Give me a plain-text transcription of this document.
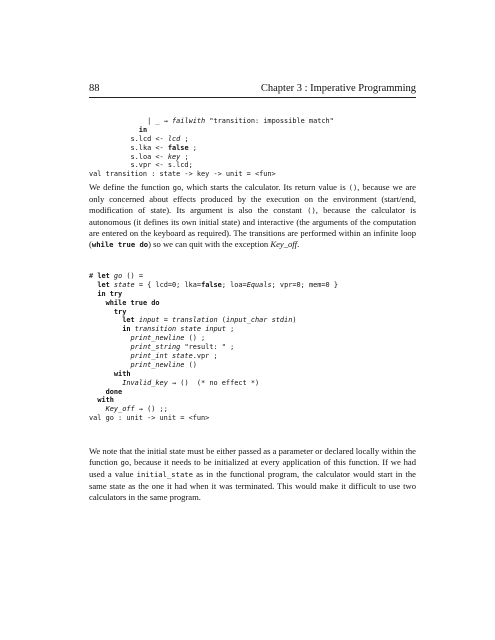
88	Chapter 3 : Imperative Programming
| _ → failwith "transition: impossible match"
in
s.lcd <- lcd ;
s.lka <- false ;
s.loa <- key ;
s.vpr <- s.lcd;
val transition : state -> key -> unit = <fun>
We define the function go, which starts the calculator. Its return value is (), because we are only concerned about effects produced by the execution on the environment (start/end, modification of state). Its argument is also the constant (), because the calculator is autonomous (it defines its own initial state) and interactive (the arguments of the computation are entered on the keyboard as required). The transitions are performed within an infinite loop (while true do) so we can quit with the exception Key_off.
# let go () =
let state = { lcd=0; lka=false; loa=Equals; vpr=0; mem=0 }
in try
while true do
try
let input = translation (input_char stdin)
in transition state input ;
print_newline () ;
print_string "result: " ;
print_int state.vpr ;
print_newline ()
with
Invalid_key → ()  (* no effect *)
done
with
Key_off → () ;;
val go : unit -> unit = <fun>
We note that the initial state must be either passed as a parameter or declared locally within the function go, because it needs to be initialized at every application of this function. If we had used a value initial_state as in the functional program, the calculator would start in the same state as the one it had when it was terminated. This would make it difficult to use two calculators in the same program.
